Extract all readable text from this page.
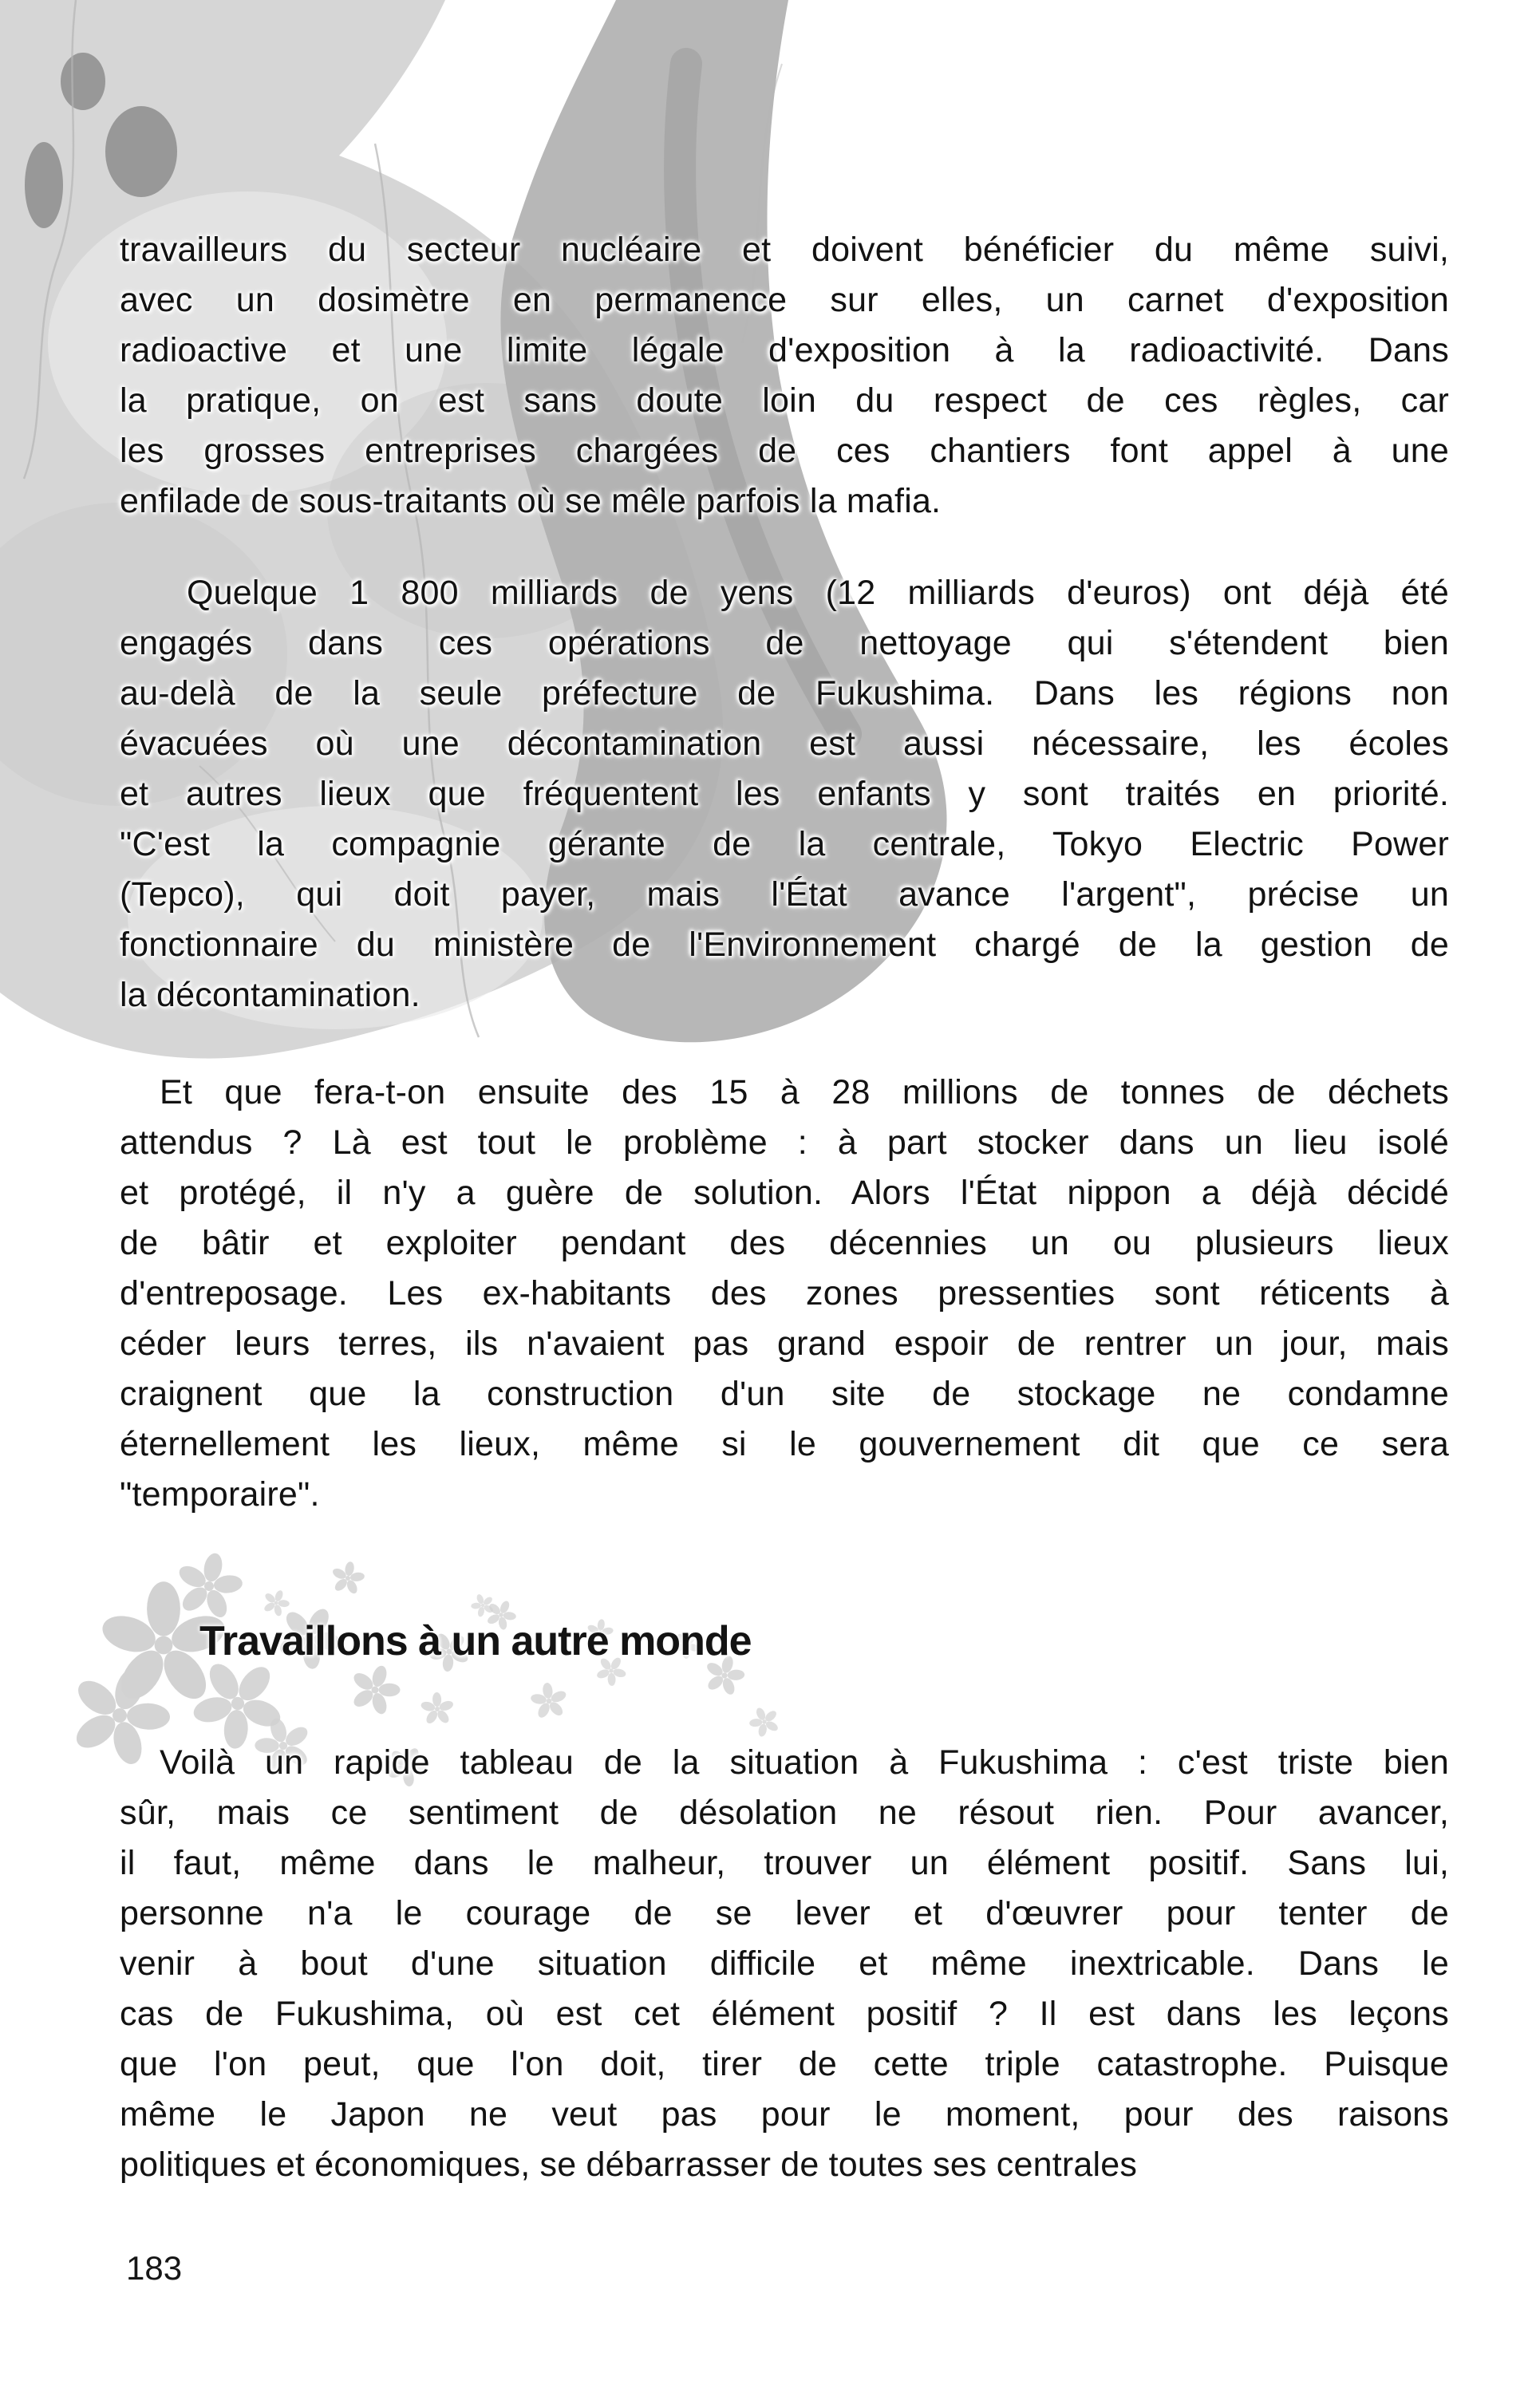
travailleurs du secteur nucléaire et doivent bénéficier du même suivi,
avec un dosimètre en permanence sur elles, un carnet d'exposition
radioactive et une limite légale d'exposition à la radioactivité. Dans
la pratique, on est sans doute loin du respect de ces règles, car
les grosses entreprises chargées de ces chantiers font appel à une
enfilade de sous-traitants où se mêle parfois la mafia.
Quelque 1 800 milliards de yens (12 milliards d'euros) ont déjà été
engagés dans ces opérations de nettoyage qui s'étendent bien
au-delà de la seule préfecture de Fukushima. Dans les régions non
évacuées où une décontamination est aussi nécessaire, les écoles
et autres lieux que fréquentent les enfants y sont traités en priorité.
"C'est la compagnie gérante de la centrale, Tokyo Electric Power
(Tepco), qui doit payer, mais l'État avance l'argent", précise un
fonctionnaire du ministère de l'Environnement chargé de la gestion de
la décontamination.
Et que fera-t-on ensuite des 15 à 28 millions de tonnes de déchets
attendus ? Là est tout le problème : à part stocker dans un lieu isolé
et protégé, il n'y a guère de solution. Alors l'État nippon a déjà décidé
de bâtir et exploiter pendant des décennies un ou plusieurs lieux
d'entreposage. Les ex-habitants des zones pressenties sont réticents à
céder leurs terres, ils n'avaient pas grand espoir de rentrer un jour, mais
craignent que la construction d'un site de stockage ne condamne
éternellement les lieux, même si le gouvernement dit que ce sera
"temporaire".
Voilà un rapide tableau de la situation à Fukushima : c'est triste bien
sûr, mais ce sentiment de désolation ne résout rien. Pour avancer,
il faut, même dans le malheur, trouver un élément positif. Sans lui,
personne n'a le courage de se lever et d'œuvrer pour tenter de
venir à bout d'une situation difficile et même inextricable. Dans le
cas de Fukushima, où est cet élément positif ? Il est dans les leçons
que l'on peut, que l'on doit, tirer de cette triple catastrophe. Puisque
même le Japon ne veut pas pour le moment, pour des raisons
politiques et économiques, se débarrasser de toutes ses centrales
Travaillons à un autre monde
183
